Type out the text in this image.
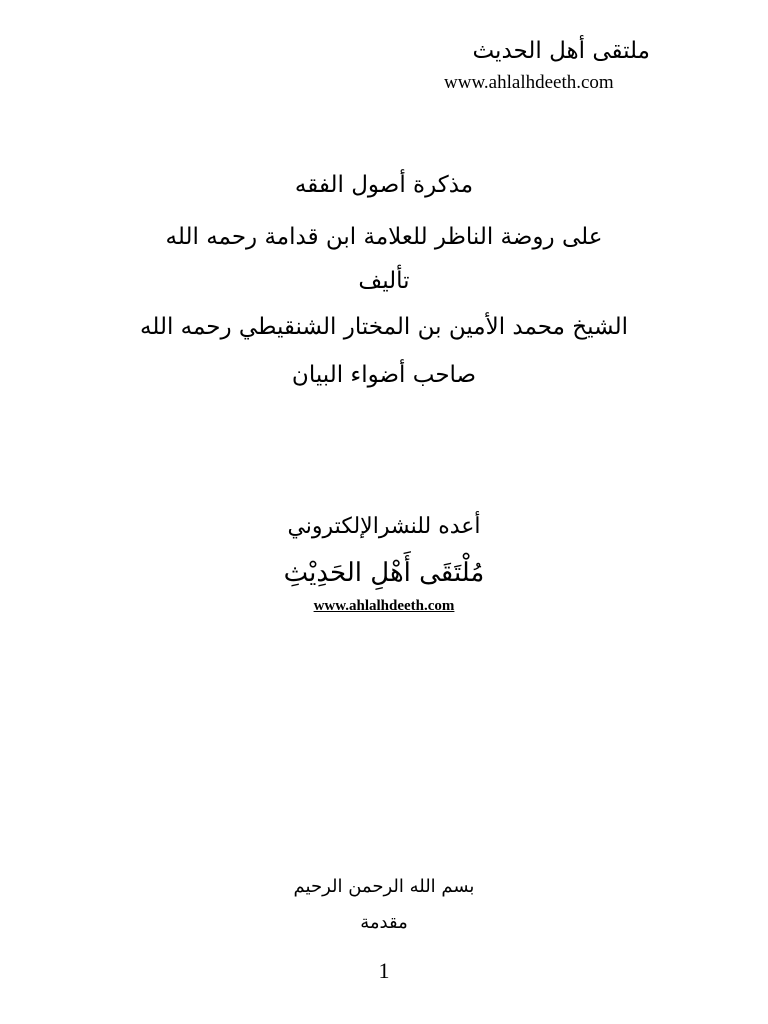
ملتقى أهل الحديث
www.ahlalhdeeth.com
مذكرة أصول الفقه
على روضة الناظر للعلامة ابن قدامة رحمه الله
تأليف
الشيخ محمد الأمين بن المختار الشنقيطي رحمه الله
صاحب أضواء البيان
أعده للنشرالإلكتروني
مُلْتَقَى أَهْلِ الحَدِيْثِ
www.ahlalhdeeth.com
بسم الله الرحمن الرحيم
مقدمة
1
